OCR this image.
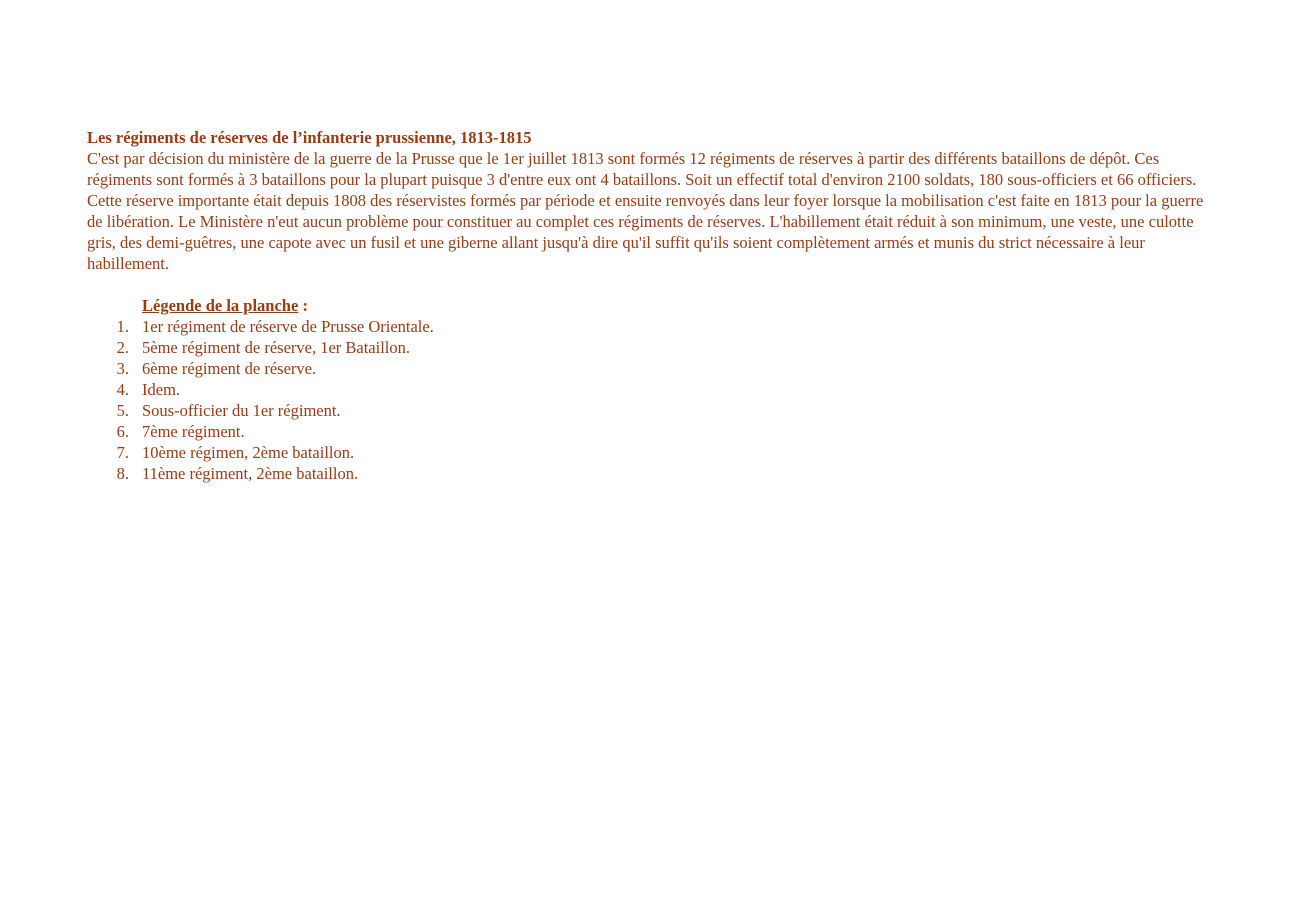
Les régiments de réserves de l’infanterie prussienne, 1813-1815

C'est par décision du ministère de la guerre de la Prusse que le 1er juillet 1813 sont formés 12 régiments de réserves à partir des différents bataillons de dépôt. Ces régiments sont formés à 3 bataillons pour la plupart puisque 3 d'entre eux ont 4 bataillons. Soit un effectif total d'environ 2100 soldats, 180 sous-officiers et 66 officiers. Cette réserve importante était depuis 1808 des réservistes formés par période et ensuite renvoyés dans leur foyer lorsque la mobilisation c'est faite en 1813 pour la guerre de libération. Le Ministère n'eut aucun problème pour constituer au complet ces régiments de réserves. L'habillement était réduit à son minimum, une veste, une culotte gris, des demi-guêtres, une capote avec un fusil et une giberne allant jusqu'à dire qu'il suffit qu'ils soient complètement armés et munis du strict nécessaire à leur habillement.

Légende de la planche :
1. 1er régiment de réserve de Prusse Orientale.
2. 5ème régiment de réserve, 1er Bataillon.
3. 6ème régiment de réserve.
4. Idem.
5. Sous-officier du 1er régiment.
6. 7ème régiment.
7. 10ème régimen, 2ème bataillon.
8. 11ème régiment, 2ème bataillon.
